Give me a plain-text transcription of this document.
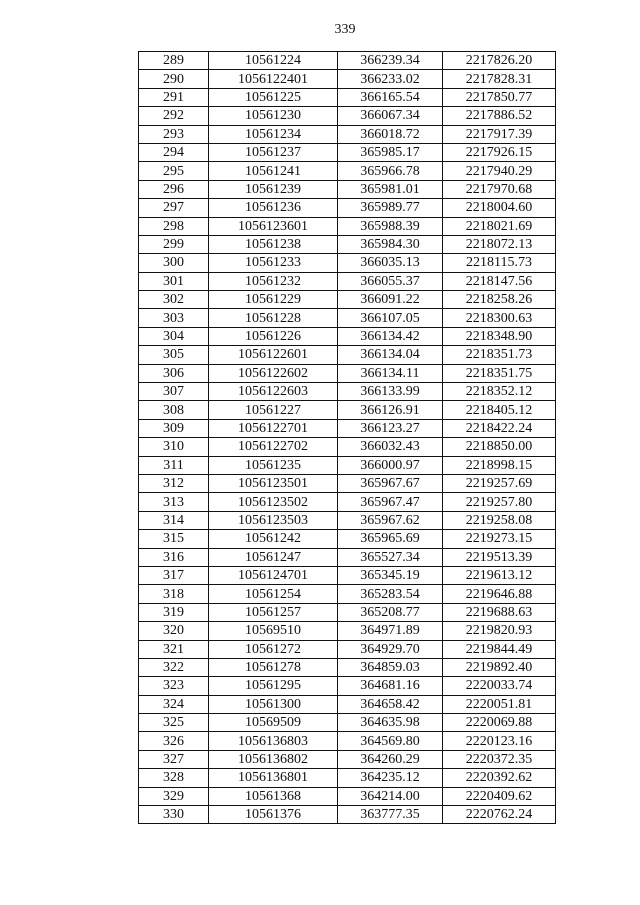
339
289	10561224	366239.34	2217826.20
290	1056122401	366233.02	2217828.31
291	10561225	366165.54	2217850.77
292	10561230	366067.34	2217886.52
293	10561234	366018.72	2217917.39
294	10561237	365985.17	2217926.15
295	10561241	365966.78	2217940.29
296	10561239	365981.01	2217970.68
297	10561236	365989.77	2218004.60
298	1056123601	365988.39	2218021.69
299	10561238	365984.30	2218072.13
300	10561233	366035.13	2218115.73
301	10561232	366055.37	2218147.56
302	10561229	366091.22	2218258.26
303	10561228	366107.05	2218300.63
304	10561226	366134.42	2218348.90
305	1056122601	366134.04	2218351.73
306	1056122602	366134.11	2218351.75
307	1056122603	366133.99	2218352.12
308	10561227	366126.91	2218405.12
309	1056122701	366123.27	2218422.24
310	1056122702	366032.43	2218850.00
311	10561235	366000.97	2218998.15
312	1056123501	365967.67	2219257.69
313	1056123502	365967.47	2219257.80
314	1056123503	365967.62	2219258.08
315	10561242	365965.69	2219273.15
316	10561247	365527.34	2219513.39
317	1056124701	365345.19	2219613.12
318	10561254	365283.54	2219646.88
319	10561257	365208.77	2219688.63
320	10569510	364971.89	2219820.93
321	10561272	364929.70	2219844.49
322	10561278	364859.03	2219892.40
323	10561295	364681.16	2220033.74
324	10561300	364658.42	2220051.81
325	10569509	364635.98	2220069.88
326	1056136803	364569.80	2220123.16
327	1056136802	364260.29	2220372.35
328	1056136801	364235.12	2220392.62
329	10561368	364214.00	2220409.62
330	10561376	363777.35	2220762.24
